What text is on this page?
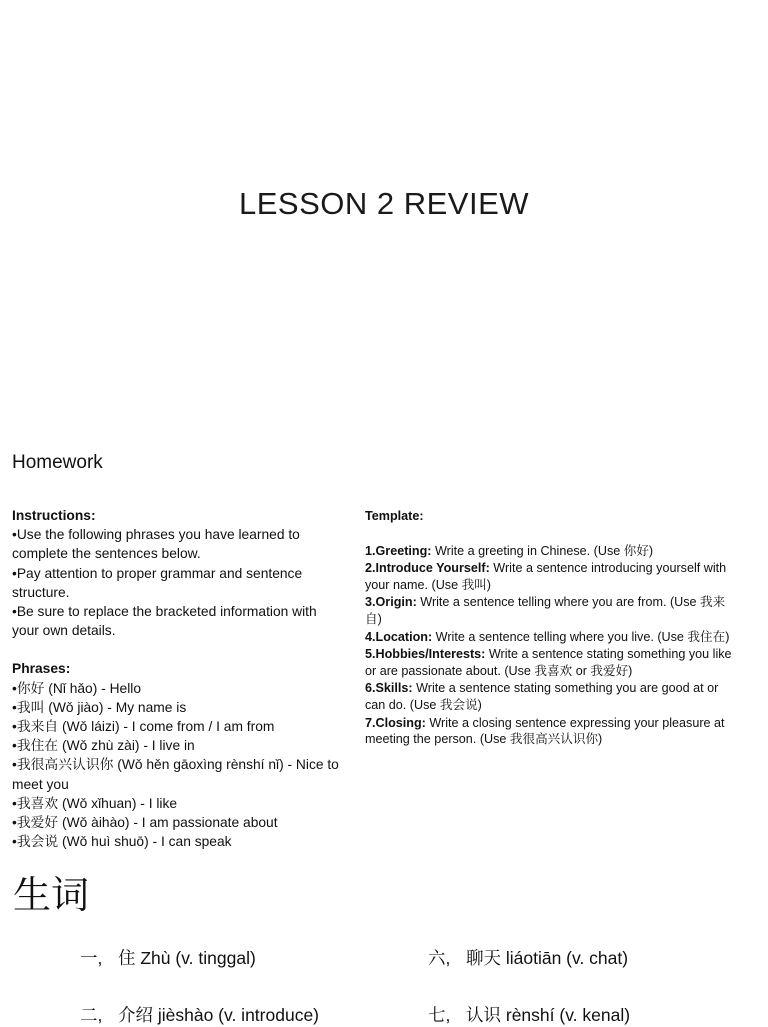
LESSON 2 REVIEW
Homework
Instructions:
•Use the following phrases you have learned to complete the sentences below.
•Pay attention to proper grammar and sentence structure.
•Be sure to replace the bracketed information with your own details.
Phrases:
•你好 (Nǐ hǎo) - Hello
•我叫 (Wǒ jiào) - My name is
•我来自 (Wǒ láizi) - I come from / I am from
•我住在 (Wǒ zhù zài) - I live in
•我很高兴认识你 (Wǒ hěn gāoxìng rènshí nǐ) - Nice to meet you
•我喜欢 (Wǒ xǐhuan) - I like
•我爱好 (Wǒ àihào) - I am passionate about
•我会说 (Wǒ huì shuō) - I can speak
Template:
1.Greeting: Write a greeting in Chinese. (Use 你好)
2.Introduce Yourself: Write a sentence introducing yourself with your name. (Use 我叫)
3.Origin: Write a sentence telling where you are from. (Use 我来自)
4.Location: Write a sentence telling where you live. (Use 我住在)
5.Hobbies/Interests: Write a sentence stating something you like or are passionate about. (Use 我喜欢 or 我爱好)
6.Skills: Write a sentence stating something you are good at or can do. (Use 我会说)
7.Closing: Write a closing sentence expressing your pleasure at meeting the person. (Use 我很高兴认识你)
生词
一, 住 Zhù (v. tinggal)	六, 聊天 liáotiān (v. chat)
二, 介绍 jièshào (v. introduce)	七, 认识 rènshí (v. kenal)
